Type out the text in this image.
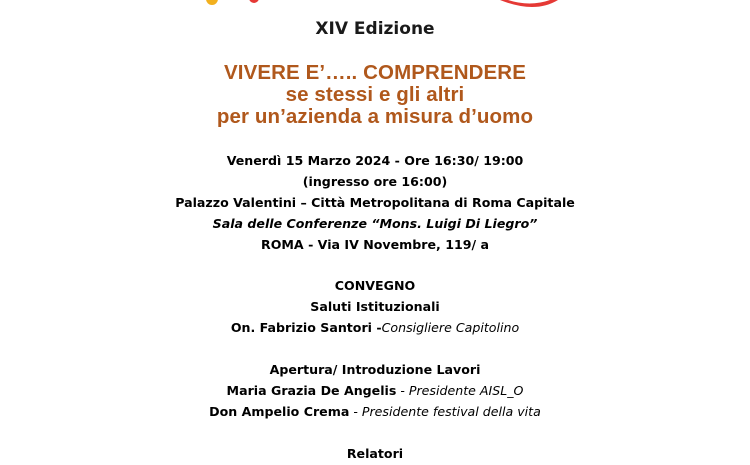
XIV Edizione
VIVERE E’….. COMPRENDERE
se stessi e gli altri
per un’azienda a misura d’uomo
Venerdì 15 Marzo 2024 - Ore 16:30/ 19:00
(ingresso ore 16:00)
Palazzo Valentini – Città Metropolitana di Roma Capitale
Sala delle Conferenze “Mons. Luigi Di Liegro”
ROMA - Via IV Novembre, 119/ a
CONVEGNO
Saluti Istituzionali
On. Fabrizio Santori -Consigliere Capitolino
Apertura/ Introduzione Lavori
Maria Grazia De Angelis - Presidente AISL_O
Don Ampelio Crema - Presidente festival della vita
Relatori
